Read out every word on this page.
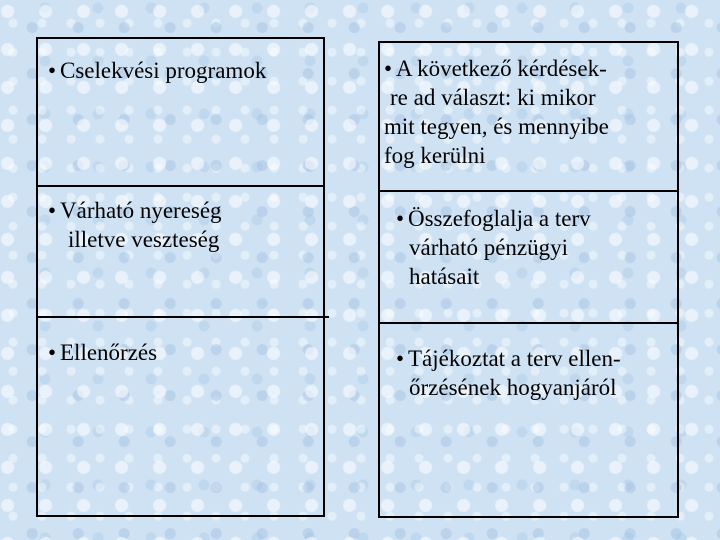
• Cselekvési programok
• Várható nyereség
illetve veszteség
• Ellenőrzés
• A következő kérdések-
re ad választ: ki mikor
mit tegyen, és mennyibe
fog kerülni
• Összefoglalja a terv
várható pénzügyi
hatásait
• Tájékoztat a terv ellen-
őrzésének hogyanjáról
